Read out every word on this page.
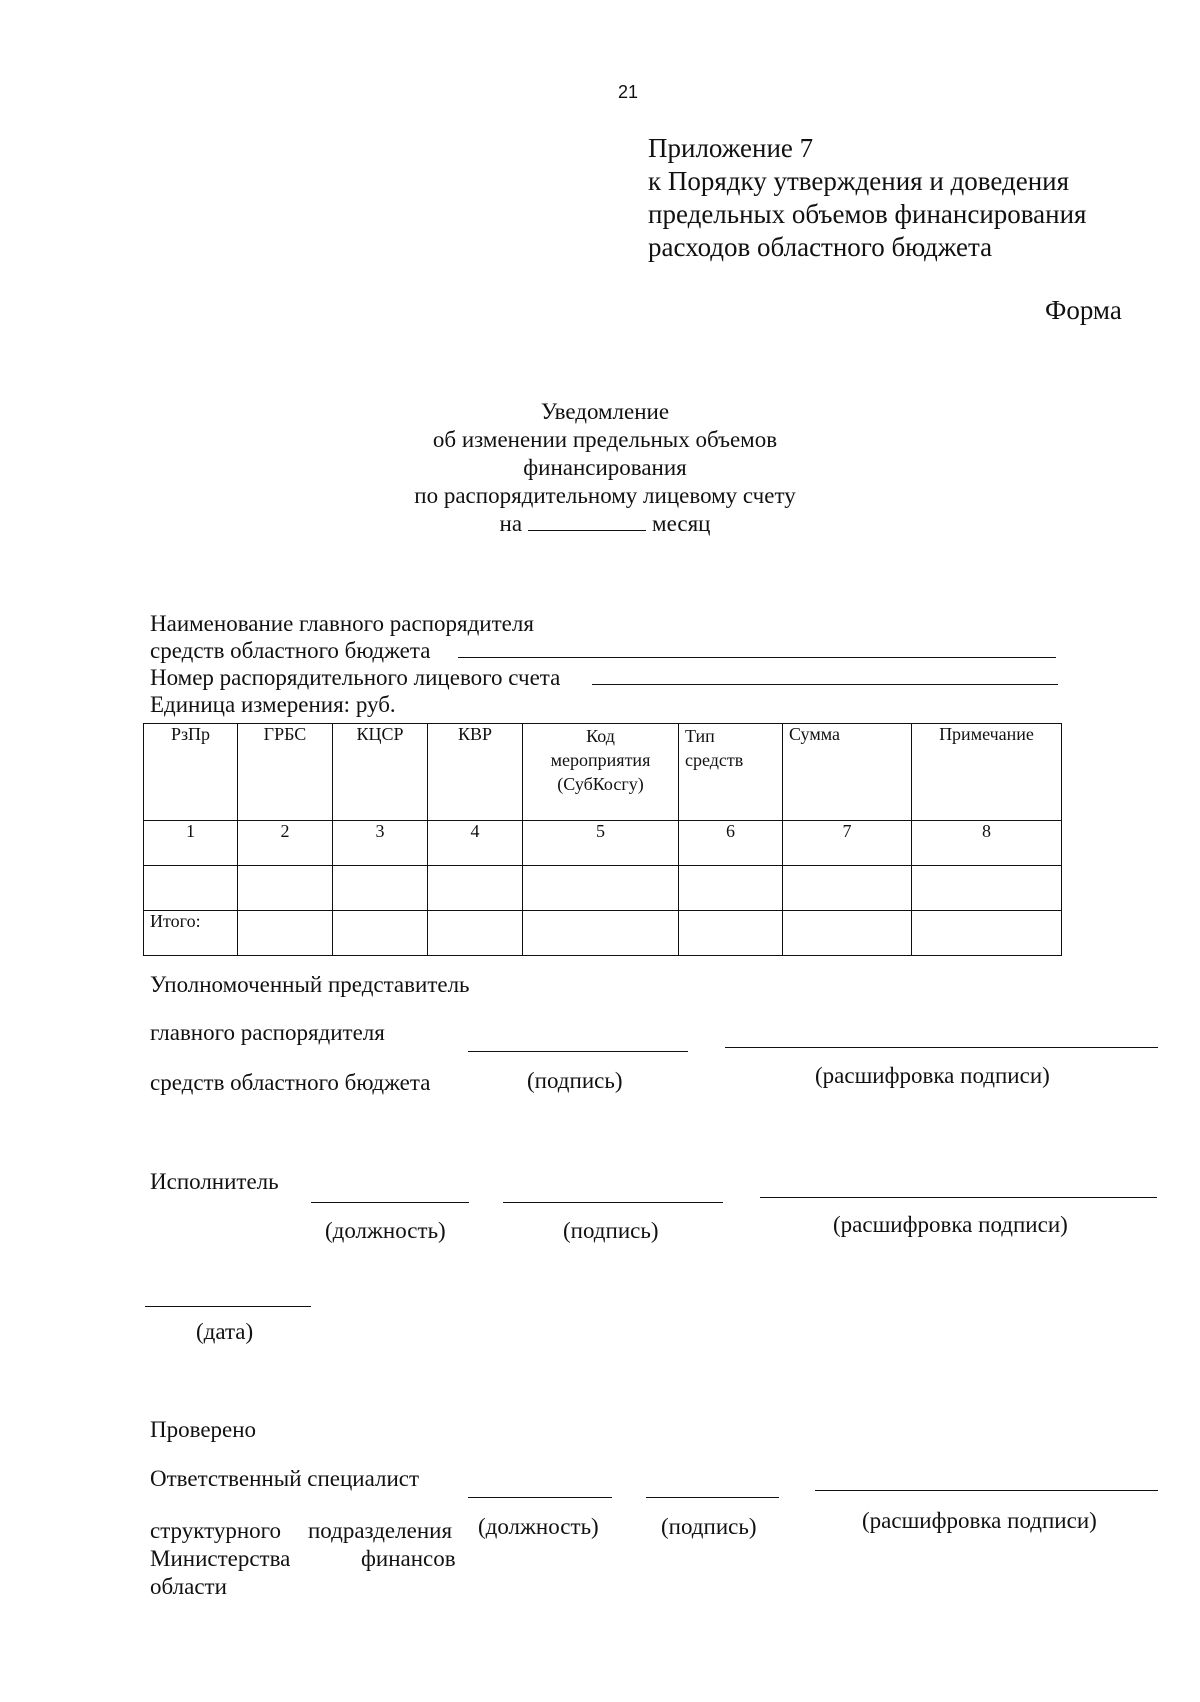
21
Приложение 7
к Порядку утверждения и доведения
предельных объемов финансирования
расходов областного бюджета
Форма
Уведомление
об изменении предельных объемов
финансирования
по распорядительному лицевому счету
на	месяц
Наименование главного распорядителя
средств областного бюджета
Номер распорядительного лицевого счета
Единица измерения: руб.
РзПр	ГРБС	КЦСР	КВР	Код мероприятия (СубКосгу)	Тип средств	Сумма	Примечание
1	2	3	4	5	6	7	8

Итого:							
Уполномоченный представитель
главного распорядителя
средств областного бюджета	(подпись)	(расшифровка подписи)
Исполнитель
(должность)	(подпись)	(расшифровка подписи)
(дата)
Проверено
Ответственный специалист
структурного подразделения (должность)	(подпись)	(расшифровка подписи)
Министерства	финансов
области
